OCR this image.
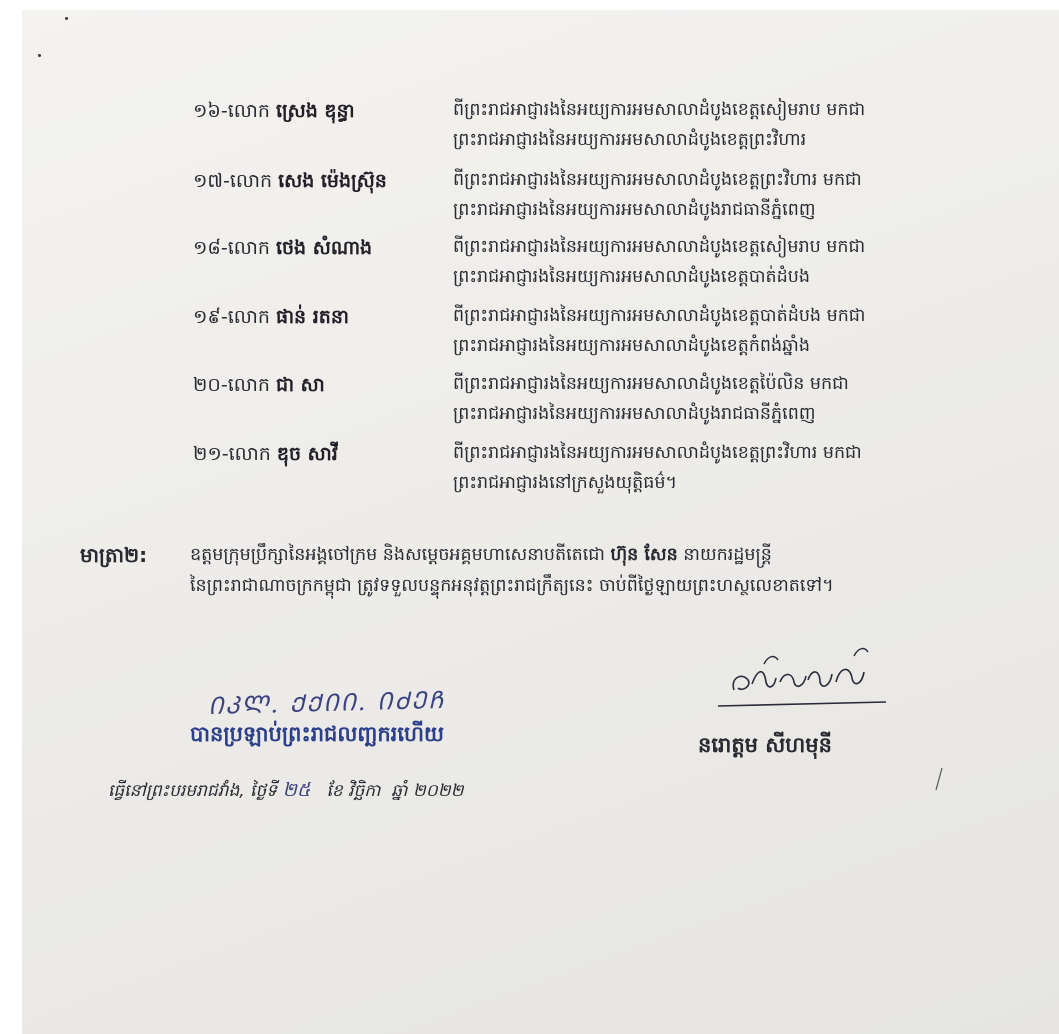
១៦-លោក ស្រេង ឌុន្ធា	ពីព្រះរាជអាជ្ញារងនៃអយ្យការអមសាលាដំបូងខេត្តសៀមរាប មកជា
ព្រះរាជអាជ្ញារងនៃអយ្យការអមសាលាដំបូងខេត្តព្រះវិហារ
១៧-លោក សេង ម៉េងស្រ៊ុន	ពីព្រះរាជអាជ្ញារងនៃអយ្យការអមសាលាដំបូងខេត្តព្រះវិហារ មកជា
ព្រះរាជអាជ្ញារងនៃអយ្យការអមសាលាដំបូងរាជធានីភ្នំពេញ
១៨-លោក ថេង សំណាង	ពីព្រះរាជអាជ្ញារងនៃអយ្យការអមសាលាដំបូងខេត្តសៀមរាប មកជា
ព្រះរាជអាជ្ញារងនៃអយ្យការអមសាលាដំបូងខេត្តបាត់ដំបង
១៩-លោក ផាន់ រតនា	ពីព្រះរាជអាជ្ញារងនៃអយ្យការអមសាលាដំបូងខេត្តបាត់ដំបង មកជា
ព្រះរាជអាជ្ញារងនៃអយ្យការអមសាលាដំបូងខេត្តកំពង់ឆ្នាំង
២០-លោក ជា សា	ពីព្រះរាជអាជ្ញារងនៃអយ្យការអមសាលាដំបូងខេត្តប៉ៃលិន មកជា
ព្រះរាជអាជ្ញារងនៃអយ្យការអមសាលាដំបូងរាជធានីភ្នំពេញ
២១-លោក ឌុច សាវី	ពីព្រះរាជអាជ្ញារងនៃអយ្យការអមសាលាដំបូងខេត្តព្រះវិហារ មកជា
ព្រះរាជអាជ្ញារងនៅក្រសួងយុត្តិធម៌។
មាត្រា២: ឧត្តមក្រុមប្រឹក្សានៃអង្គចៅក្រម និងសម្តេចអគ្គមហាសេនាបតីតេជោ ហ៊ុន សែន នាយករដ្ឋមន្ត្រី
នៃព្រះរាជាណាចក្រកម្ពុជា ត្រូវទទួលបន្ទុកអនុវត្តព្រះរាជក្រឹត្យនេះ ចាប់ពីថ្ងៃឡាយព្រះហស្ថលេខាតទៅ។
ᲘᲙᲚ. ᲥᲥᲘᲘ. ᲘᲫᲔᲩ
បានប្រឡាប់ព្រះរាជលញ្ឆករហើយ
ធ្វើនៅព្រះបរមរាជវាំង, ថ្ងៃទី ២៥ ខែ វិច្ឆិកា ឆ្នាំ ២០២២
នរោត្តម សីហមុនី
